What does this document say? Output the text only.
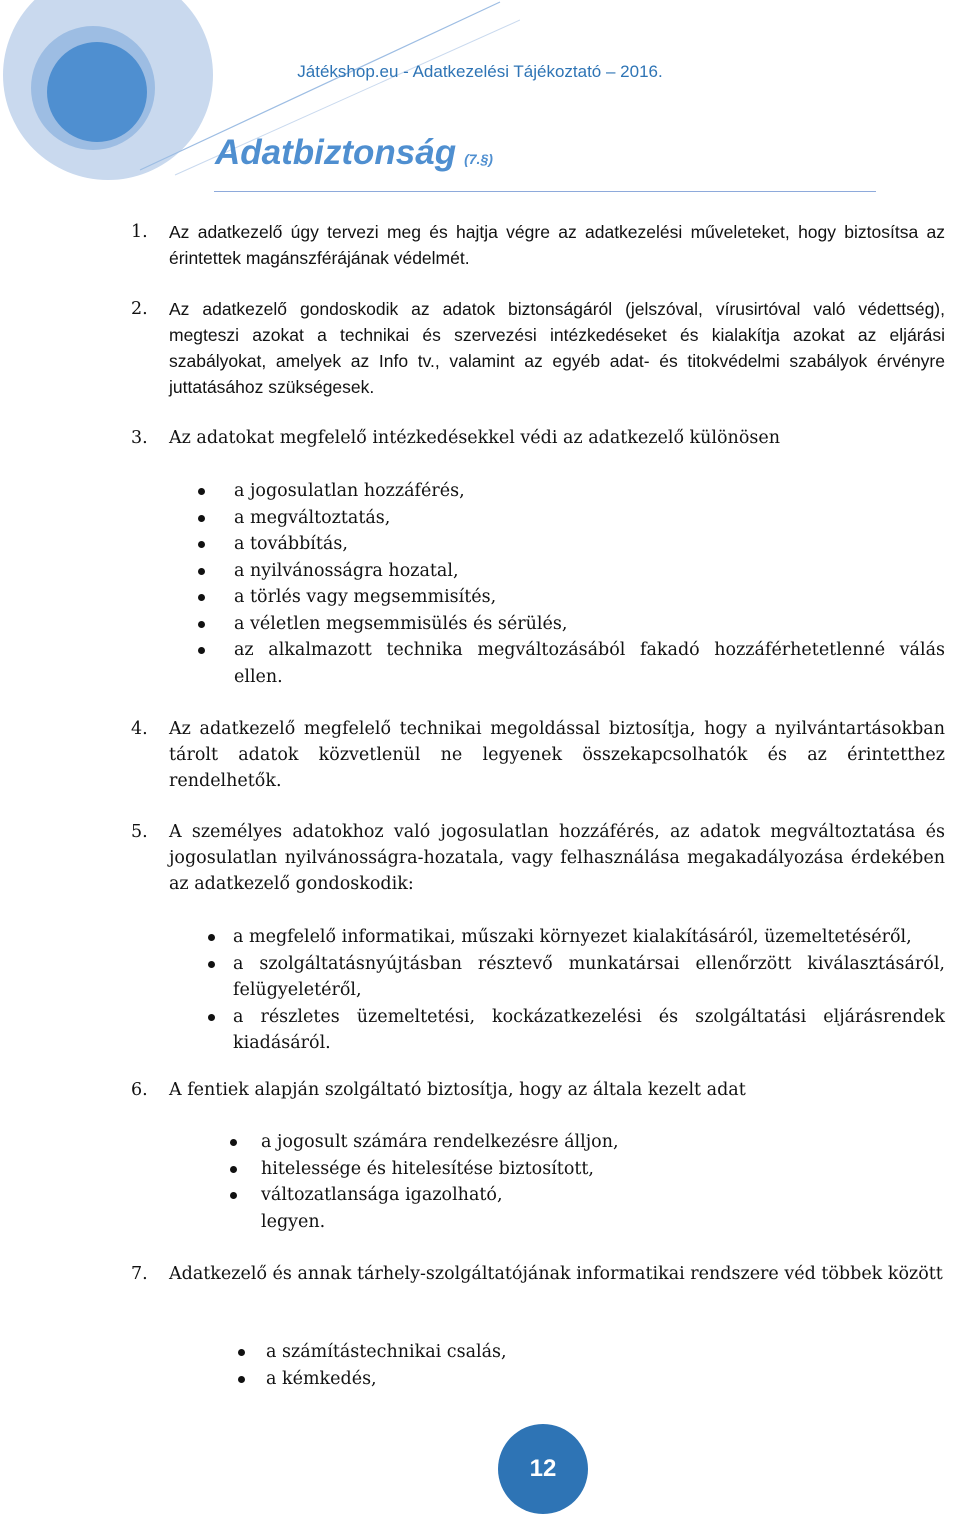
Játékshop.eu - Adatkezelési Tájékoztató – 2016.
Adatbiztonság (7.§)
1. Az adatkezelő úgy tervezi meg és hajtja végre az adatkezelési műveleteket, hogy biztosítsa az érintettek magánszférájának védelmét.
2. Az adatkezelő gondoskodik az adatok biztonságáról (jelszóval, vírusirtóval való védettség), megteszi azokat a technikai és szervezési intézkedéseket és kialakítja azokat az eljárási szabályokat, amelyek az Info tv., valamint az egyéb adat- és titokvédelmi szabályok érvényre juttatásához szükségesek.
3. Az adatokat megfelelő intézkedésekkel védi az adatkezelő különösen
a jogosulatlan hozzáférés,
a megváltoztatás,
a továbbítás,
a nyilvánosságra hozatal,
a törlés vagy megsemmisítés,
a véletlen megsemmisülés és sérülés,
az alkalmazott technika megváltozásából fakadó hozzáférhetetlenné válás ellen.
4. Az adatkezelő megfelelő technikai megoldással biztosítja, hogy a nyilvántartásokban tárolt adatok közvetlenül ne legyenek összekapcsolhatók és az érintetthez rendelhetők.
5. A személyes adatokhoz való jogosulatlan hozzáférés, az adatok megváltoztatása és jogosulatlan nyilvánosságra-hozatala, vagy felhasználása megakadályozása érdekében az adatkezelő gondoskodik:
a megfelelő informatikai, műszaki környezet kialakításáról, üzemeltetéséről,
a szolgáltatásnyújtásban résztevő munkatársai ellenőrzött kiválasztásáról, felügyeletéről,
a részletes üzemeltetési, kockázatkezelési és szolgáltatási eljárásrendek kiadásáról.
6. A fentiek alapján szolgáltató biztosítja, hogy az általa kezelt adat
a jogosult számára rendelkezésre álljon,
hitelessége és hitelesítése biztosított,
változatlansága igazolható,
legyen.
7. Adatkezelő és annak tárhely-szolgáltatójának informatikai rendszere véd többek között
a számítástechnikai csalás,
a kémkedés,
12
